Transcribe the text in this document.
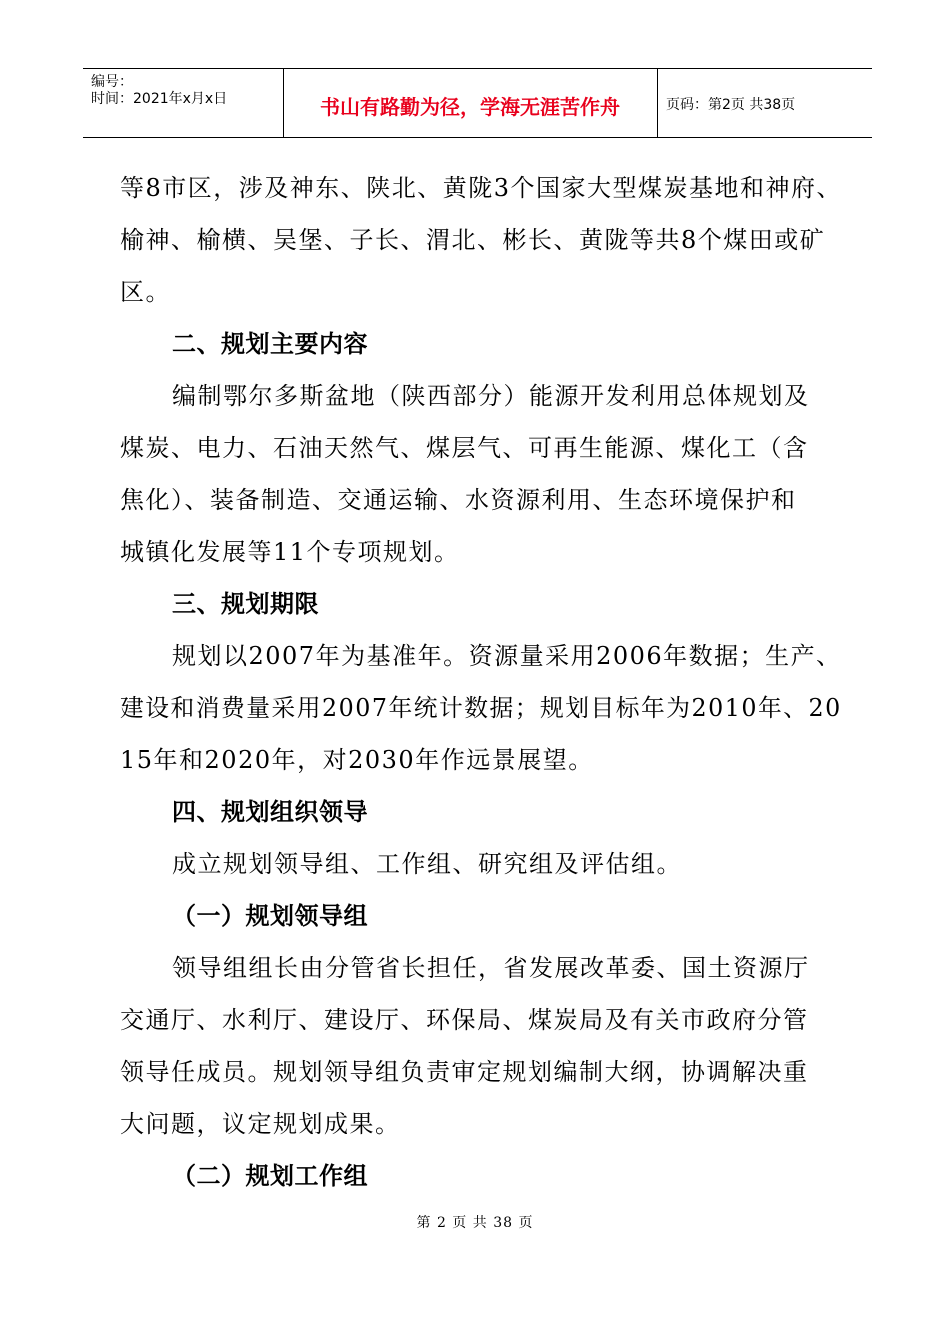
编号：
时间：2021年x月x日	书山有路勤为径，学海无涯苦作舟	页码：第2页 共38页
等8市区，涉及神东、陕北、黄陇3个国家大型煤炭基地和神府、
榆神、榆横、吴堡、子长、渭北、彬长、黄陇等共8个煤田或矿
区。
二、规划主要内容
编制鄂尔多斯盆地（陕西部分）能源开发利用总体规划及
煤炭、电力、石油天然气、煤层气、可再生能源、煤化工（含
焦化）、装备制造、交通运输、水资源利用、生态环境保护和
城镇化发展等11个专项规划。
三、规划期限
规划以2007年为基准年。资源量采用2006年数据；生产、
建设和消费量采用2007年统计数据；规划目标年为2010年、20
15年和2020年，对2030年作远景展望。
四、规划组织领导
成立规划领导组、工作组、研究组及评估组。
（一）规划领导组
领导组组长由分管省长担任，省发展改革委、国土资源厅
交通厅、水利厅、建设厅、环保局、煤炭局及有关市政府分管
领导任成员。规划领导组负责审定规划编制大纲，协调解决重
大问题，议定规划成果。
（二）规划工作组
第 2 页 共 38 页
